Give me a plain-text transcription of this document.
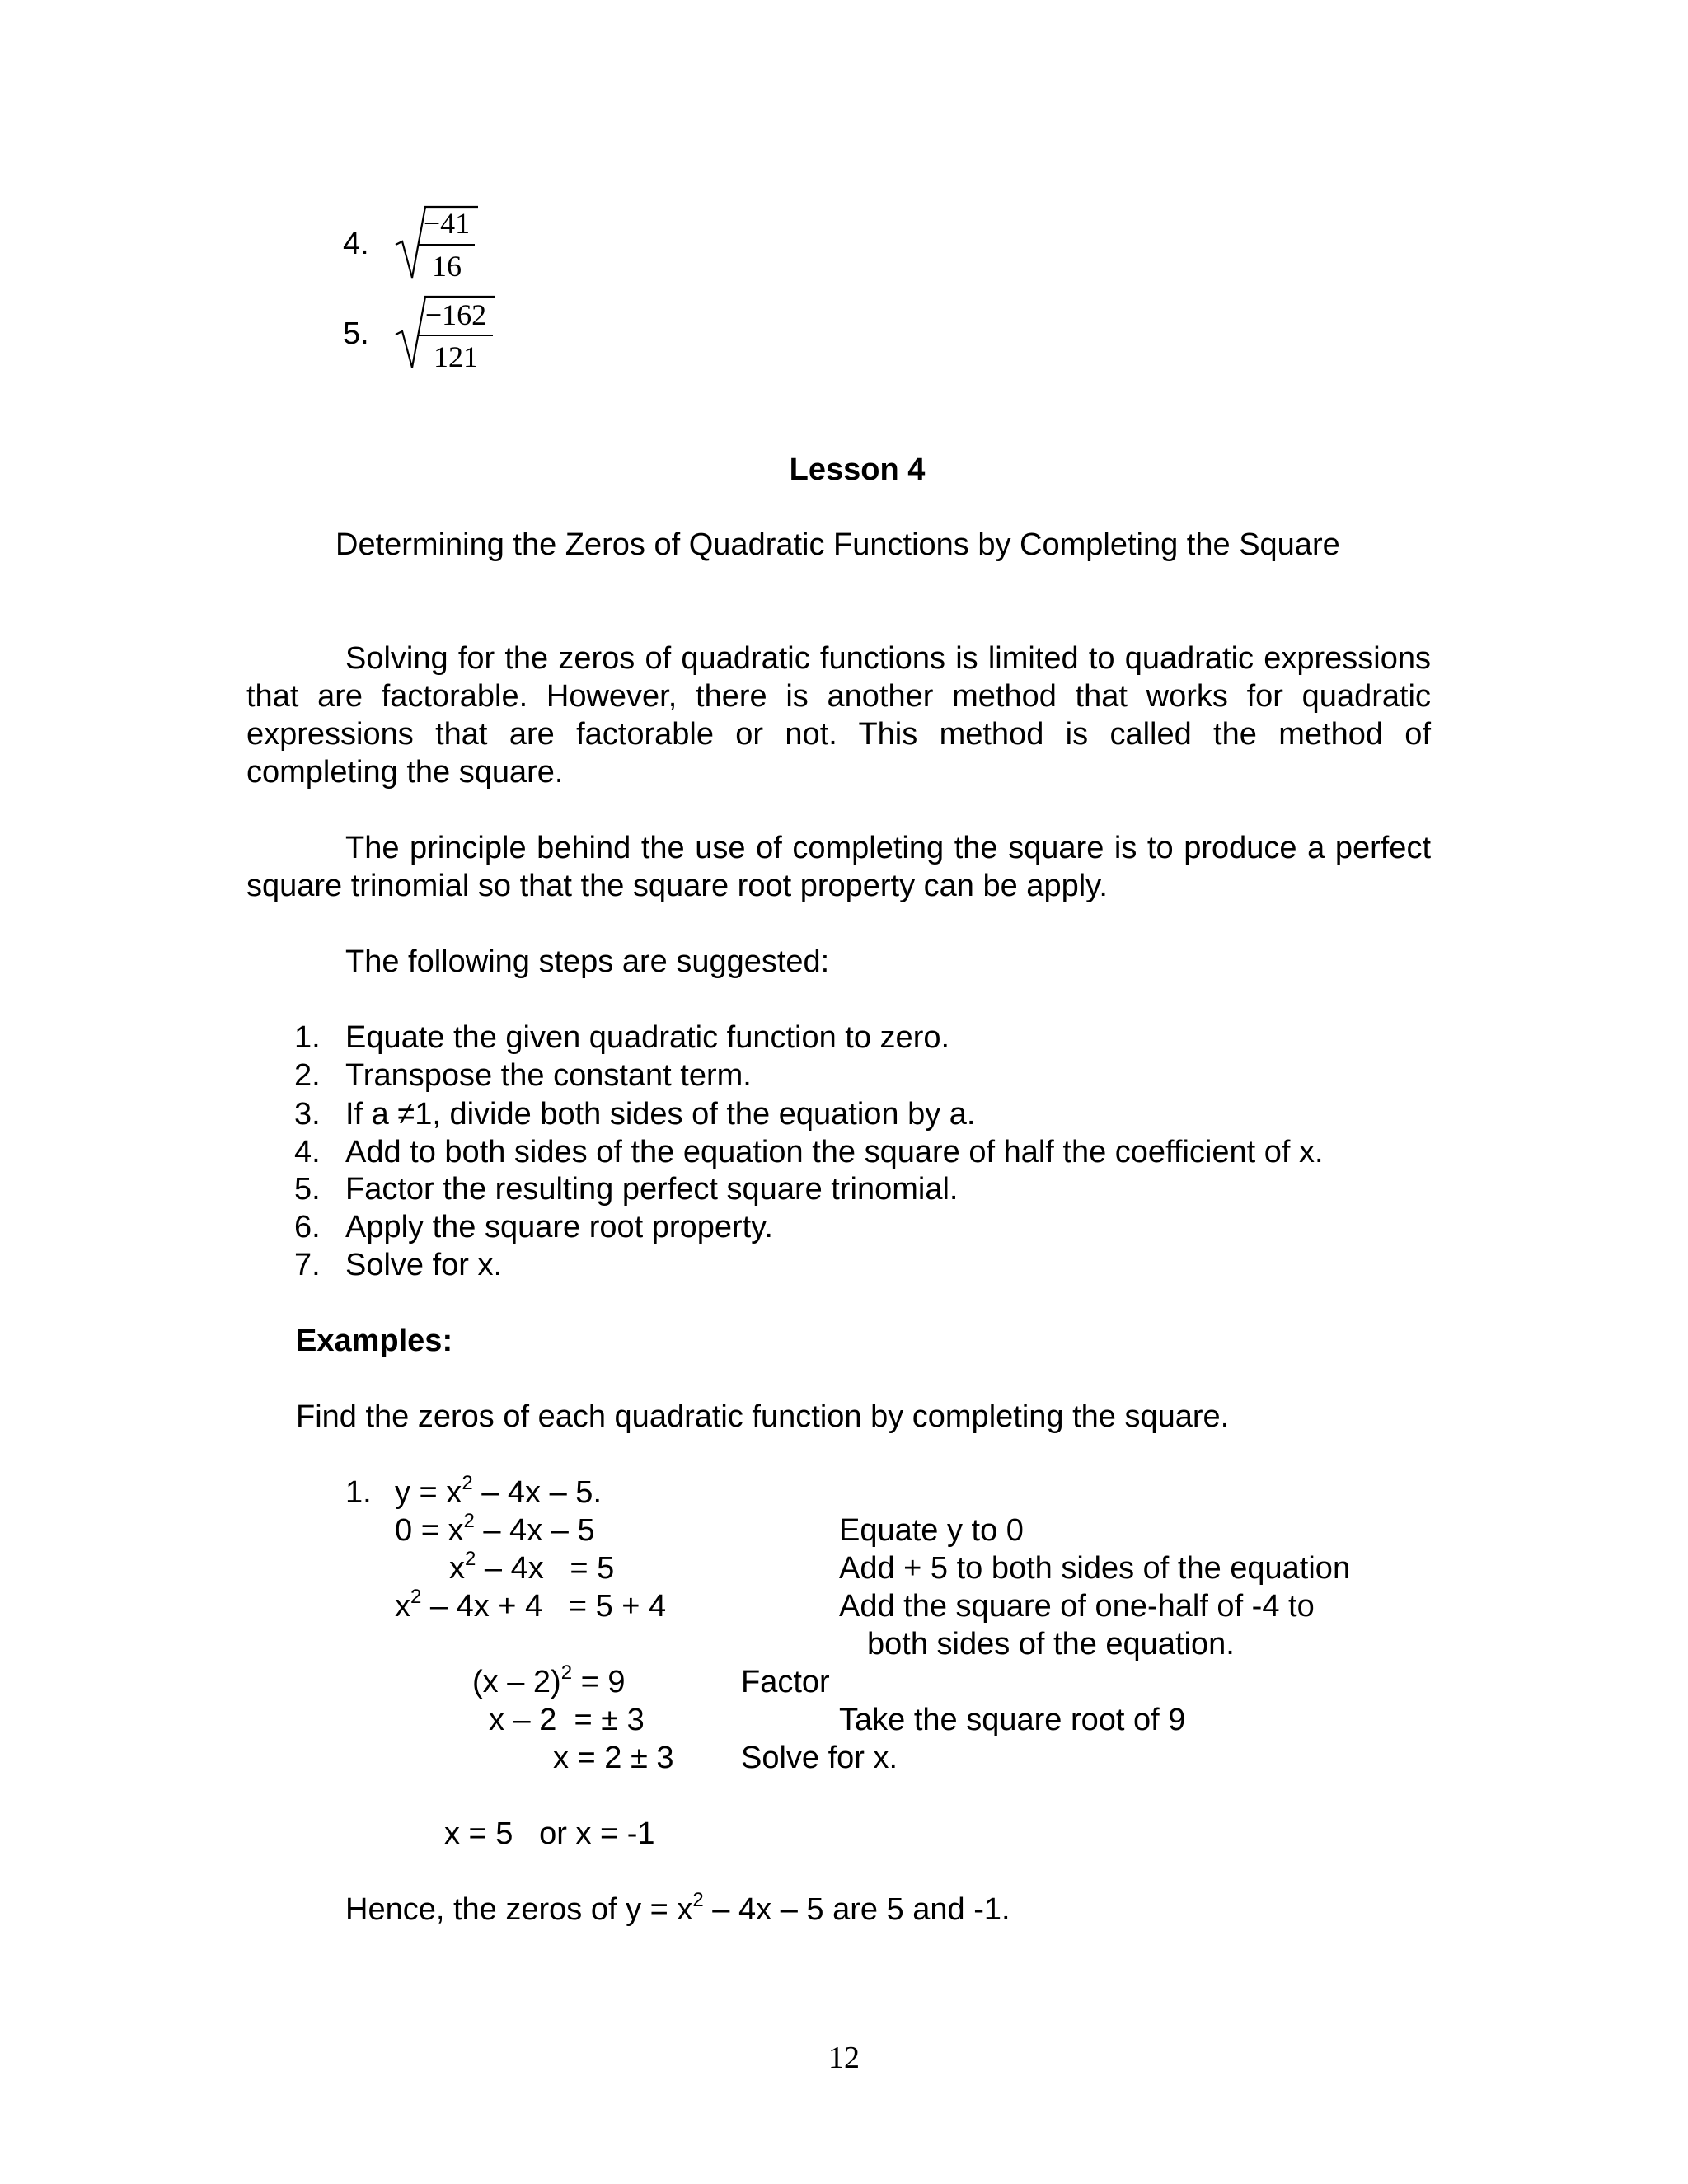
4.
−41
16
5.
−162
121
Lesson 4
Determining the Zeros of Quadratic Functions by Completing the Square
Solving for the zeros of quadratic functions is limited to quadratic expressions that are factorable. However, there is another method that works for quadratic expressions that are factorable or not. This method is called the method of completing the square.
The principle behind the use of completing the square is to produce a perfect square trinomial so that the square root property can be apply.
The following steps are suggested:
1. Equate the given quadratic function to zero.
2. Transpose the constant term.
3. If a ≠1, divide both sides of the equation by a.
4. Add to both sides of the equation the square of half the coefficient of x.
5. Factor the resulting perfect square trinomial.
6. Apply the square root property.
7. Solve for x.
Examples:
Find the zeros of each quadratic function by completing the square.
1. $y = x^2 - 4x - 5$.
$0 = x^2 - 4x - 5$	Equate y to 0
$x^2 - 4x = 5$	Add + 5 to both sides of the equation
$x^2 - 4x + 4 = 5 + 4$	Add the square of one-half of -4 to
both sides of the equation.
(x – 2)$^2$ = 9	Factor
x – 2  = ± 3	Take the square root of 9
x = 2 ± 3 Solve for x.
x = 5   or x = -1
Hence, the zeros of $y = x^2 - 4x - 5$ are 5 and -1.
12
